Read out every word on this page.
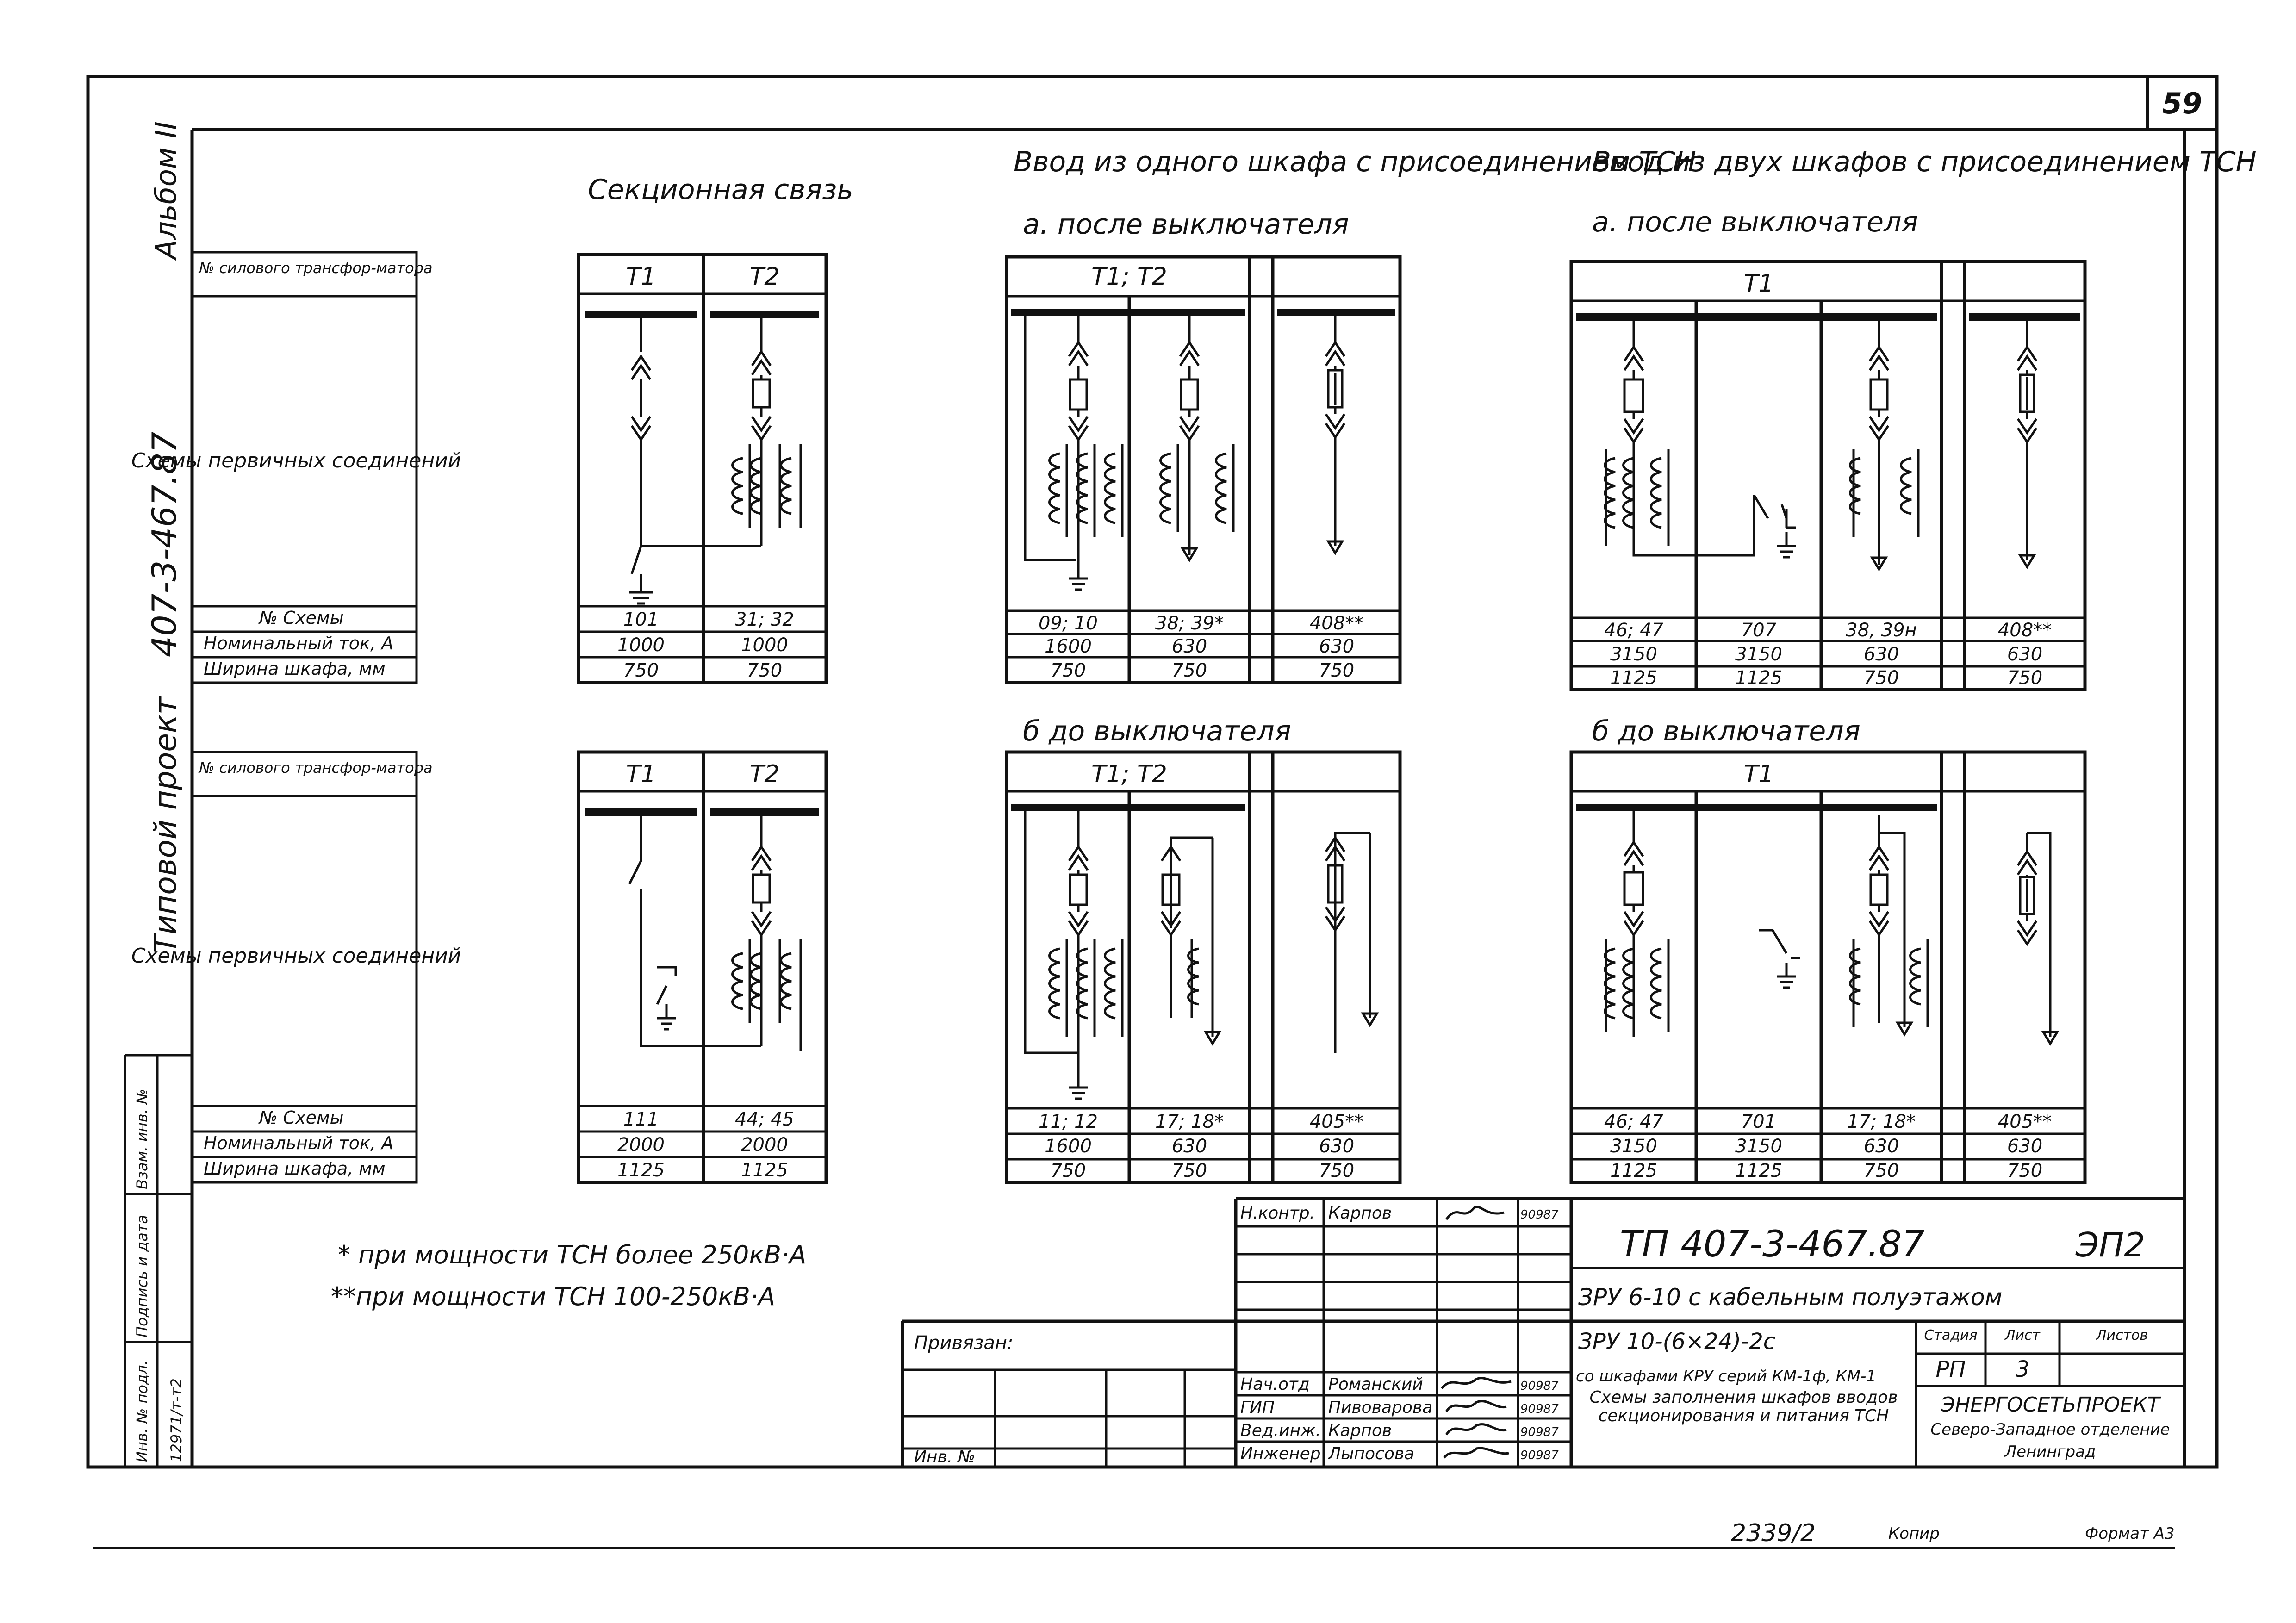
59
Альбом II
407-3-467.87
Типовой проект
Взам. инв. №
Подпись и дата
Инв. № подл. 12971/т-т2
№ силового трансфор-матора
Схемы первичных соединений
№ Схемы
Номинальный ток, А
Ширина шкафа, мм
№ силового трансфор-матора
Схемы первичных соединений
№ Схемы
Номинальный ток, А
Ширина шкафа, мм
Секционная связь
Ввод из одного шкафа с присоединением ТСН
а. после выключателя
Ввод из двух шкафов с присоединением ТСН
а. после выключателя
б до выключателя	б до выключателя
Т1	Т2
101	31; 32
1000	1000
750	750
Т1	Т2
111	44; 45
2000	2000
1125	1125
Т1; Т2
09; 10	38; 39*	408**
1600	630	630
750	750	750
Т1; Т2
11; 12	17; 18*	405**
1600	630	630
750	750	750
Т1
46; 47	707	38, 39н	408**
3150	3150	630	630
1125	1125	750	750
Т1
46; 47	701	17; 18*	405**
3150	3150	630	630
1125	1125	750	750
* при мощности ТСН более 250кВ·А
**при мощности ТСН 100-250кВ·А
ТП 407-3-467.87	ЭП2
ЗРУ 6-10 с кабельным полуэтажом
ЗРУ 10-(6×24)-2с
со шкафами КРУ серий КМ-1ф, КМ-1
Схемы заполнения шкафов вводов секционирования и питания ТСН
Стадия Лист	Листов
РП 3
ЭНЕРГОСЕТЬПРОЕКТ
Северо-Западное отделение
Ленинград
Привязан:
Инв. №
Н.контр. Карпов	90987
Нач.отд Романский	90987
ГИП	Пивоварова	90987
Вед.инж. Карпов	90987
Инженер Лыпосова	90987
2339/2	Копир	Формат А3
